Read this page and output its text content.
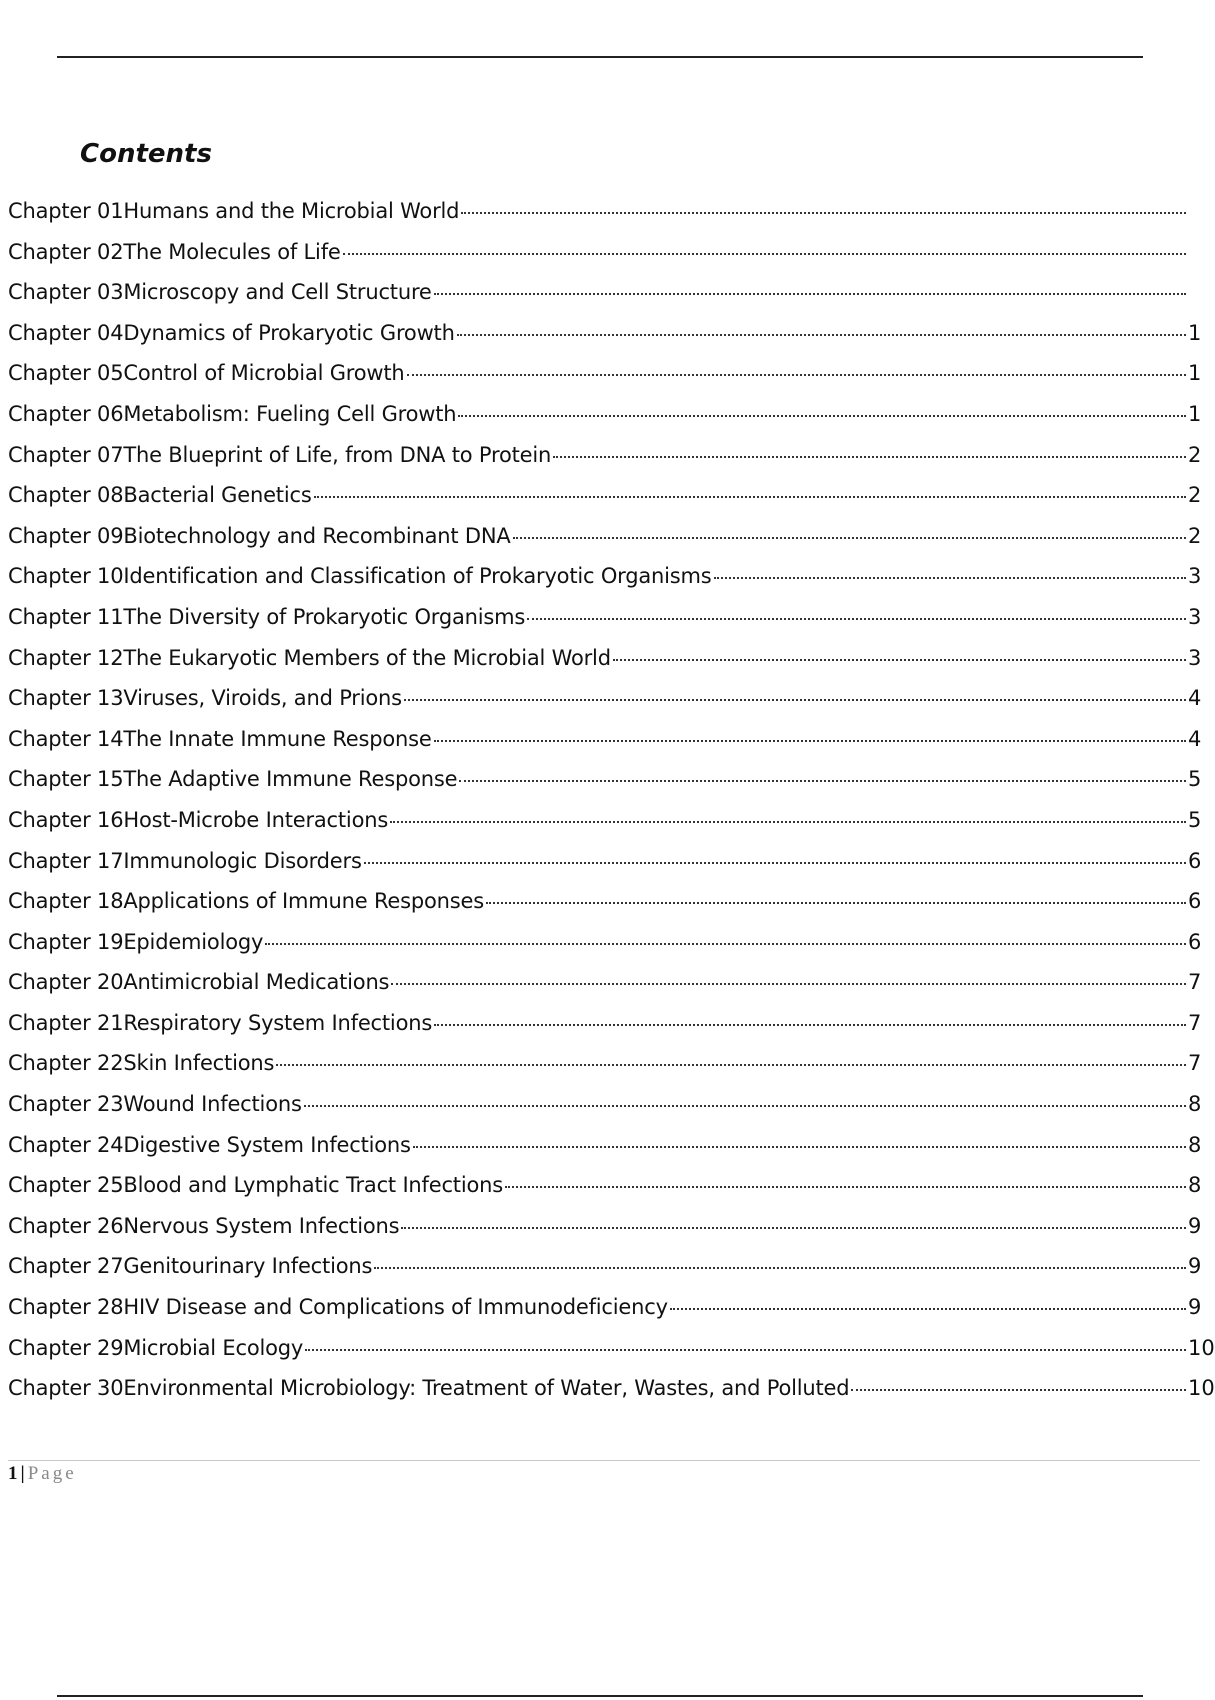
Contents
Chapter 01 Humans and the Microbial World
Chapter 02 The Molecules of Life
Chapter 03 Microscopy and Cell Structure
Chapter 04 Dynamics of Prokaryotic Growth	1
Chapter 05 Control of Microbial Growth	1
Chapter 06 Metabolism: Fueling Cell Growth	1
Chapter 07 The Blueprint of Life, from DNA to Protein	2
Chapter 08 Bacterial Genetics	2
Chapter 09 Biotechnology and Recombinant DNA	2
Chapter 10 Identification and Classification of Prokaryotic Organisms	3
Chapter 11 The Diversity of Prokaryotic Organisms	3
Chapter 12 The Eukaryotic Members of the Microbial World	3
Chapter 13 Viruses, Viroids, and Prions	4
Chapter 14 The Innate Immune Response	4
Chapter 15 The Adaptive Immune Response	5
Chapter 16 Host-Microbe Interactions	5
Chapter 17 Immunologic Disorders	6
Chapter 18 Applications of Immune Responses	6
Chapter 19 Epidemiology	6
Chapter 20 Antimicrobial Medications	7
Chapter 21 Respiratory System Infections	7
Chapter 22 Skin Infections	7
Chapter 23 Wound Infections	8
Chapter 24 Digestive System Infections	8
Chapter 25 Blood and Lymphatic Tract Infections	8
Chapter 26 Nervous System Infections	9
Chapter 27 Genitourinary Infections	9
Chapter 28 HIV Disease and Complications of Immunodeficiency	9
Chapter 29 Microbial Ecology	10
Chapter 30 Environmental Microbiology: Treatment of Water, Wastes, and Polluted	10
1 | Page
